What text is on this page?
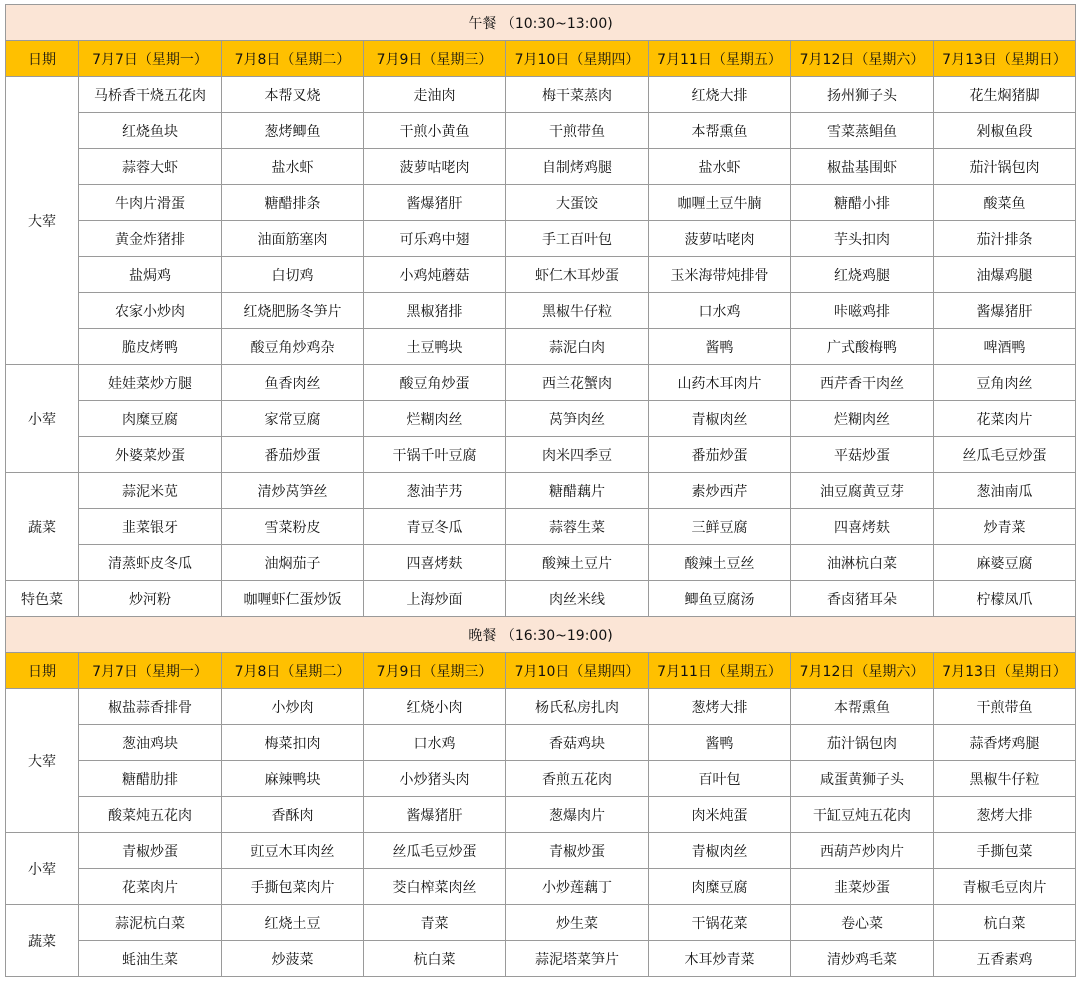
午餐 （10:30~13:00)							
日期	7月7日（星期一）	7月8日（星期二）	7月9日（星期三）	7月10日（星期四）	7月11日（星期五）	7月12日（星期六）	7月13日（星期日）
大荤	马桥香干烧五花肉	本帮叉烧	走油肉	梅干菜蒸肉	红烧大排	扬州狮子头	花生焖猪脚
	红烧鱼块	葱烤鲫鱼	干煎小黄鱼	干煎带鱼	本帮熏鱼	雪菜蒸鲳鱼	剁椒鱼段
	蒜蓉大虾	盐水虾	菠萝咕咾肉	自制烤鸡腿	盐水虾	椒盐基围虾	茄汁锅包肉
	牛肉片滑蛋	糖醋排条	酱爆猪肝	大蛋饺	咖喱土豆牛腩	糖醋小排	酸菜鱼
	黄金炸猪排	油面筋塞肉	可乐鸡中翅	手工百叶包	菠萝咕咾肉	芋头扣肉	茄汁排条
	盐焗鸡	白切鸡	小鸡炖蘑菇	虾仁木耳炒蛋	玉米海带炖排骨	红烧鸡腿	油爆鸡腿
	农家小炒肉	红烧肥肠冬笋片	黑椒猪排	黑椒牛仔粒	口水鸡	咔嗞鸡排	酱爆猪肝
	脆皮烤鸭	酸豆角炒鸡杂	土豆鸭块	蒜泥白肉	酱鸭	广式酸梅鸭	啤酒鸭
小荤	娃娃菜炒方腿	鱼香肉丝	酸豆角炒蛋	西兰花蟹肉	山药木耳肉片	西芹香干肉丝	豆角肉丝
	肉糜豆腐	家常豆腐	烂糊肉丝	莴笋肉丝	青椒肉丝	烂糊肉丝	花菜肉片
	外婆菜炒蛋	番茄炒蛋	干锅千叶豆腐	肉米四季豆	番茄炒蛋	平菇炒蛋	丝瓜毛豆炒蛋
蔬菜	蒜泥米苋	清炒莴笋丝	葱油芋艿	糖醋藕片	素炒西芹	油豆腐黄豆芽	葱油南瓜
	韭菜银牙	雪菜粉皮	青豆冬瓜	蒜蓉生菜	三鲜豆腐	四喜烤麸	炒青菜
	清蒸虾皮冬瓜	油焖茄子	四喜烤麸	酸辣土豆片	酸辣土豆丝	油淋杭白菜	麻婆豆腐
特色菜	炒河粉	咖喱虾仁蛋炒饭	上海炒面	肉丝米线	鲫鱼豆腐汤	香卤猪耳朵	柠檬凤爪
晚餐 （16:30~19:00)							
日期	7月7日（星期一）	7月8日（星期二）	7月9日（星期三）	7月10日（星期四）	7月11日（星期五）	7月12日（星期六）	7月13日（星期日）
大荤	椒盐蒜香排骨	小炒肉	红烧小肉	杨氏私房扎肉	葱烤大排	本帮熏鱼	干煎带鱼
	葱油鸡块	梅菜扣肉	口水鸡	香菇鸡块	酱鸭	茄汁锅包肉	蒜香烤鸡腿
	糖醋肋排	麻辣鸭块	小炒猪头肉	香煎五花肉	百叶包	咸蛋黄狮子头	黑椒牛仔粒
	酸菜炖五花肉	香酥肉	酱爆猪肝	葱爆肉片	肉米炖蛋	干缸豆炖五花肉	葱烤大排
小荤	青椒炒蛋	豇豆木耳肉丝	丝瓜毛豆炒蛋	青椒炒蛋	青椒肉丝	西葫芦炒肉片	手撕包菜
	花菜肉片	手撕包菜肉片	茭白榨菜肉丝	小炒莲藕丁	肉糜豆腐	韭菜炒蛋	青椒毛豆肉片
蔬菜	蒜泥杭白菜	红烧土豆	青菜	炒生菜	干锅花菜	卷心菜	杭白菜
	蚝油生菜	炒菠菜	杭白菜	蒜泥塔菜笋片	木耳炒青菜	清炒鸡毛菜	五香素鸡
